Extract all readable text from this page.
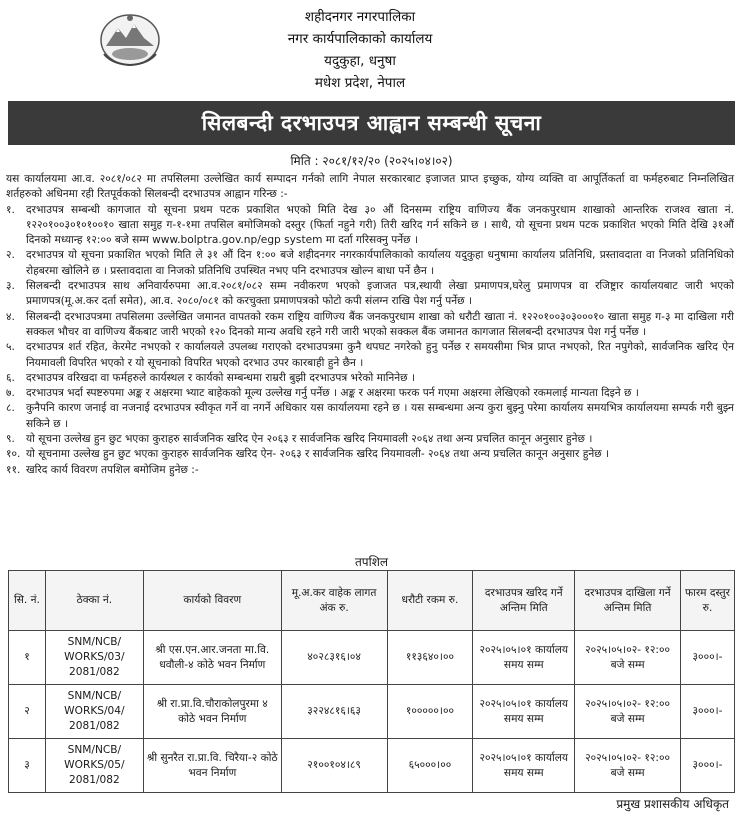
शहीदनगर नगरपालिका
नगर कार्यपालिकाको कार्यालय
यदुकुहा, धनुषा
मधेश प्रदेश, नेपाल
सिलबन्दी दरभाउपत्र आह्वान सम्बन्धी सूचना
मिति : २०८१/१२/२० (२०२५।०४।०२)

यस कार्यालयमा आ.व. २०८१/०८२ मा तपसिलमा उल्लेखित कार्य सम्पादन गर्नको लागि नेपाल सरकारबाट इजाजत प्राप्त इच्छुक, योग्य व्यक्ति वा आपूर्तिकर्ता वा फर्महरुबाट निम्नलिखित शर्तहरुको अधिनमा रही रितपूर्वकको सिलबन्दी दरभाउपत्र आह्वान गरिन्छ :-

१.	दरभाउपत्र सम्बन्धी कागजात यो सूचना प्रथम पटक प्रकाशित भएको मिति देख ३० औं दिनसम्म राष्ट्रिय वाणिज्य बैंक जनकपुरधाम शाखाको आन्तरिक राजश्व खाता नं. १२२०१००३०१०१००१० खाता समुह ग-१-१मा तपसिल बमोजिमको दस्तुर (फिर्ता नहुने गरी) तिरी खरिद गर्न सकिने छ । साथै, यो सूचना प्रथम पटक प्रकाशित भएको मिति देखि ३१औं दिनको मध्यान्ह १२:०० बजे सम्म www.bolptra.gov.np/egp system मा दर्ता गरिसक्नु पर्नेछ ।
२.	दरभाउपत्र यो सूचना प्रकाशित भएको मिति ले ३१ औं दिन १:०० बजे शहीदनगर नगरकार्यपालिकाको कार्यालय यदुकुहा धनुषामा कार्यालय प्रतिनिधि, प्रस्तावदाता वा निजको प्रतिनिधिको रोहबरमा खोलिने छ । प्रस्तावदाता वा निजको प्रतिनिधि उपस्थित नभए पनि दरभाउपत्र खोल्न बाधा पर्ने छैन ।
३.	सिलबन्दी दरभाउपत्र साथ अनिवार्यरुपमा आ.व.२०८१/०८२ सम्म नवीकरण भएको इजाजत पत्र,स्थायी लेखा प्रमाणपत्र,घरेलु प्रमाणपत्र वा रजिष्ट्रार कार्यालयबाट जारी भएको प्रमाणपत्र(मू.अ.कर दर्ता समेत), आ.व. २०८०/०८१ को करचुक्ता प्रमाणपत्रको फोटो कपी संलग्न राखि पेश गर्नु पर्नेछ ।
४.	सिलबन्दी दरभाउपत्रमा तपसिलमा उल्लेखित जमानत वापतको रकम राष्ट्रिय वाणिज्य बैंक जनकपुरधाम शाखा को धरौटी खाता नं. १२२०१००३०३०००१० खाता समुह ग-३ मा दाखिला गरी सक्कल भौचर वा वाणिज्य बैंकबाट जारी भएको १२० दिनको मान्य अवधि रहने गरी जारी भएको सक्कल बैंक जमानत कागजात सिलबन्दी दरभाउपत्र पेश गर्नु पर्नेछ ।
५.	दरभाउपत्र शर्त रहित, केरमेट नभएको र कार्यालयले उपलब्ध गराएको दरभाउपत्रमा कुनै थपघट नगरेको हुनु पर्नेछ र समयसीमा भित्र प्राप्त नभएको, रित नपुगेको, सार्वजनिक खरिद ऐन नियमावली विपरित भएको र यो सूचनाको विपरित भएको दरभाउ उपर कारबाही हुने छैन ।
६.	दरभाउपत्र वरिखदा वा फर्महरुले कार्यस्थल र कार्यको सम्बन्धमा राम्ररी बुझी दरभाउपत्र भरेको मानिनेछ ।
७.	दरभाउपत्र भर्दा स्पष्टरुपमा अङ्क र अक्षरमा भ्याट बाहेकको मूल्य उल्लेख गर्नु पर्नेछ । अङ्क र अक्षरमा फरक पर्न गएमा अक्षरमा लेखिएको रकमलाई मान्यता दिइने छ ।
८.	कुनैपनि कारण जनाई वा नजनाई दरभाउपत्र स्वीकृत गर्ने वा नगर्ने अधिकार यस कार्यालयमा रहने छ । यस सम्बन्धमा अन्य कुरा बुझ्नु परेमा कार्यालय समयभित्र कार्यालयमा सम्पर्क गरी बुझ्न सकिने छ ।
९.	यो सूचना उल्लेख हुन छुट भएका कुराहरु सार्वजनिक खरिद ऐन २०६३ र सार्वजनिक खरिद नियमावली २०६४ तथा अन्य प्रचलित कानून अनुसार हुनेछ ।
१०. यो सूचनामा उल्लेख हुन छुट भएका कुराहरु सार्वजनिक खरिद ऐन- २०६३ र सार्वजनिक खरिद नियमावली- २०६४ तथा अन्य प्रचलित कानून अनुसार हुनेछ ।
११. खरिद कार्य विवरण तपशिल बमोजिम हुनेछ :-
तपशिल
सि. नं.	ठेक्का नं.	कार्यको विवरण	मू.अ.कर वाहेक लागत अंक रु.	धरौटी रकम रु.	दरभाउपत्र खरिद गर्ने अन्तिम मिति	दरभाउपत्र दाखिला गर्ने अन्तिम मिति	फारम दस्तुर रु.
१	SNM/NCB/ WORKS/03/ 2081/082	श्री एस.एन.आर.जनता मा.वि. धवौली-४ कोठे भवन निर्माण	४०२८३१६।०४	११३६४०।००	२०२५।०५।०१ कार्यालय समय सम्म	२०२५।०५।०२- १२:०० बजे सम्म	३०००।-
२	SNM/NCB/ WORKS/04/ 2081/082	श्री रा.प्रा.वि.चौराकोलपुरमा ४ कोठे भवन निर्माण	३२२४८१६।६३	१०००००।००	२०२५।०५।०१ कार्यालय समय सम्म	२०२५।०५।०२- १२:०० बजे सम्म	३०००।-
३	SNM/NCB/ WORKS/05/ 2081/082	श्री सुनरैत रा.प्रा.वि. चिरैया-२ कोठे भवन निर्माण	२१००१०४।८९	६५०००।००	२०२५।०५।०१ कार्यालय समय सम्म	२०२५।०५।०२- १२:०० बजे सम्म	३०००।-
प्रमुख प्रशासकीय अधिकृत
